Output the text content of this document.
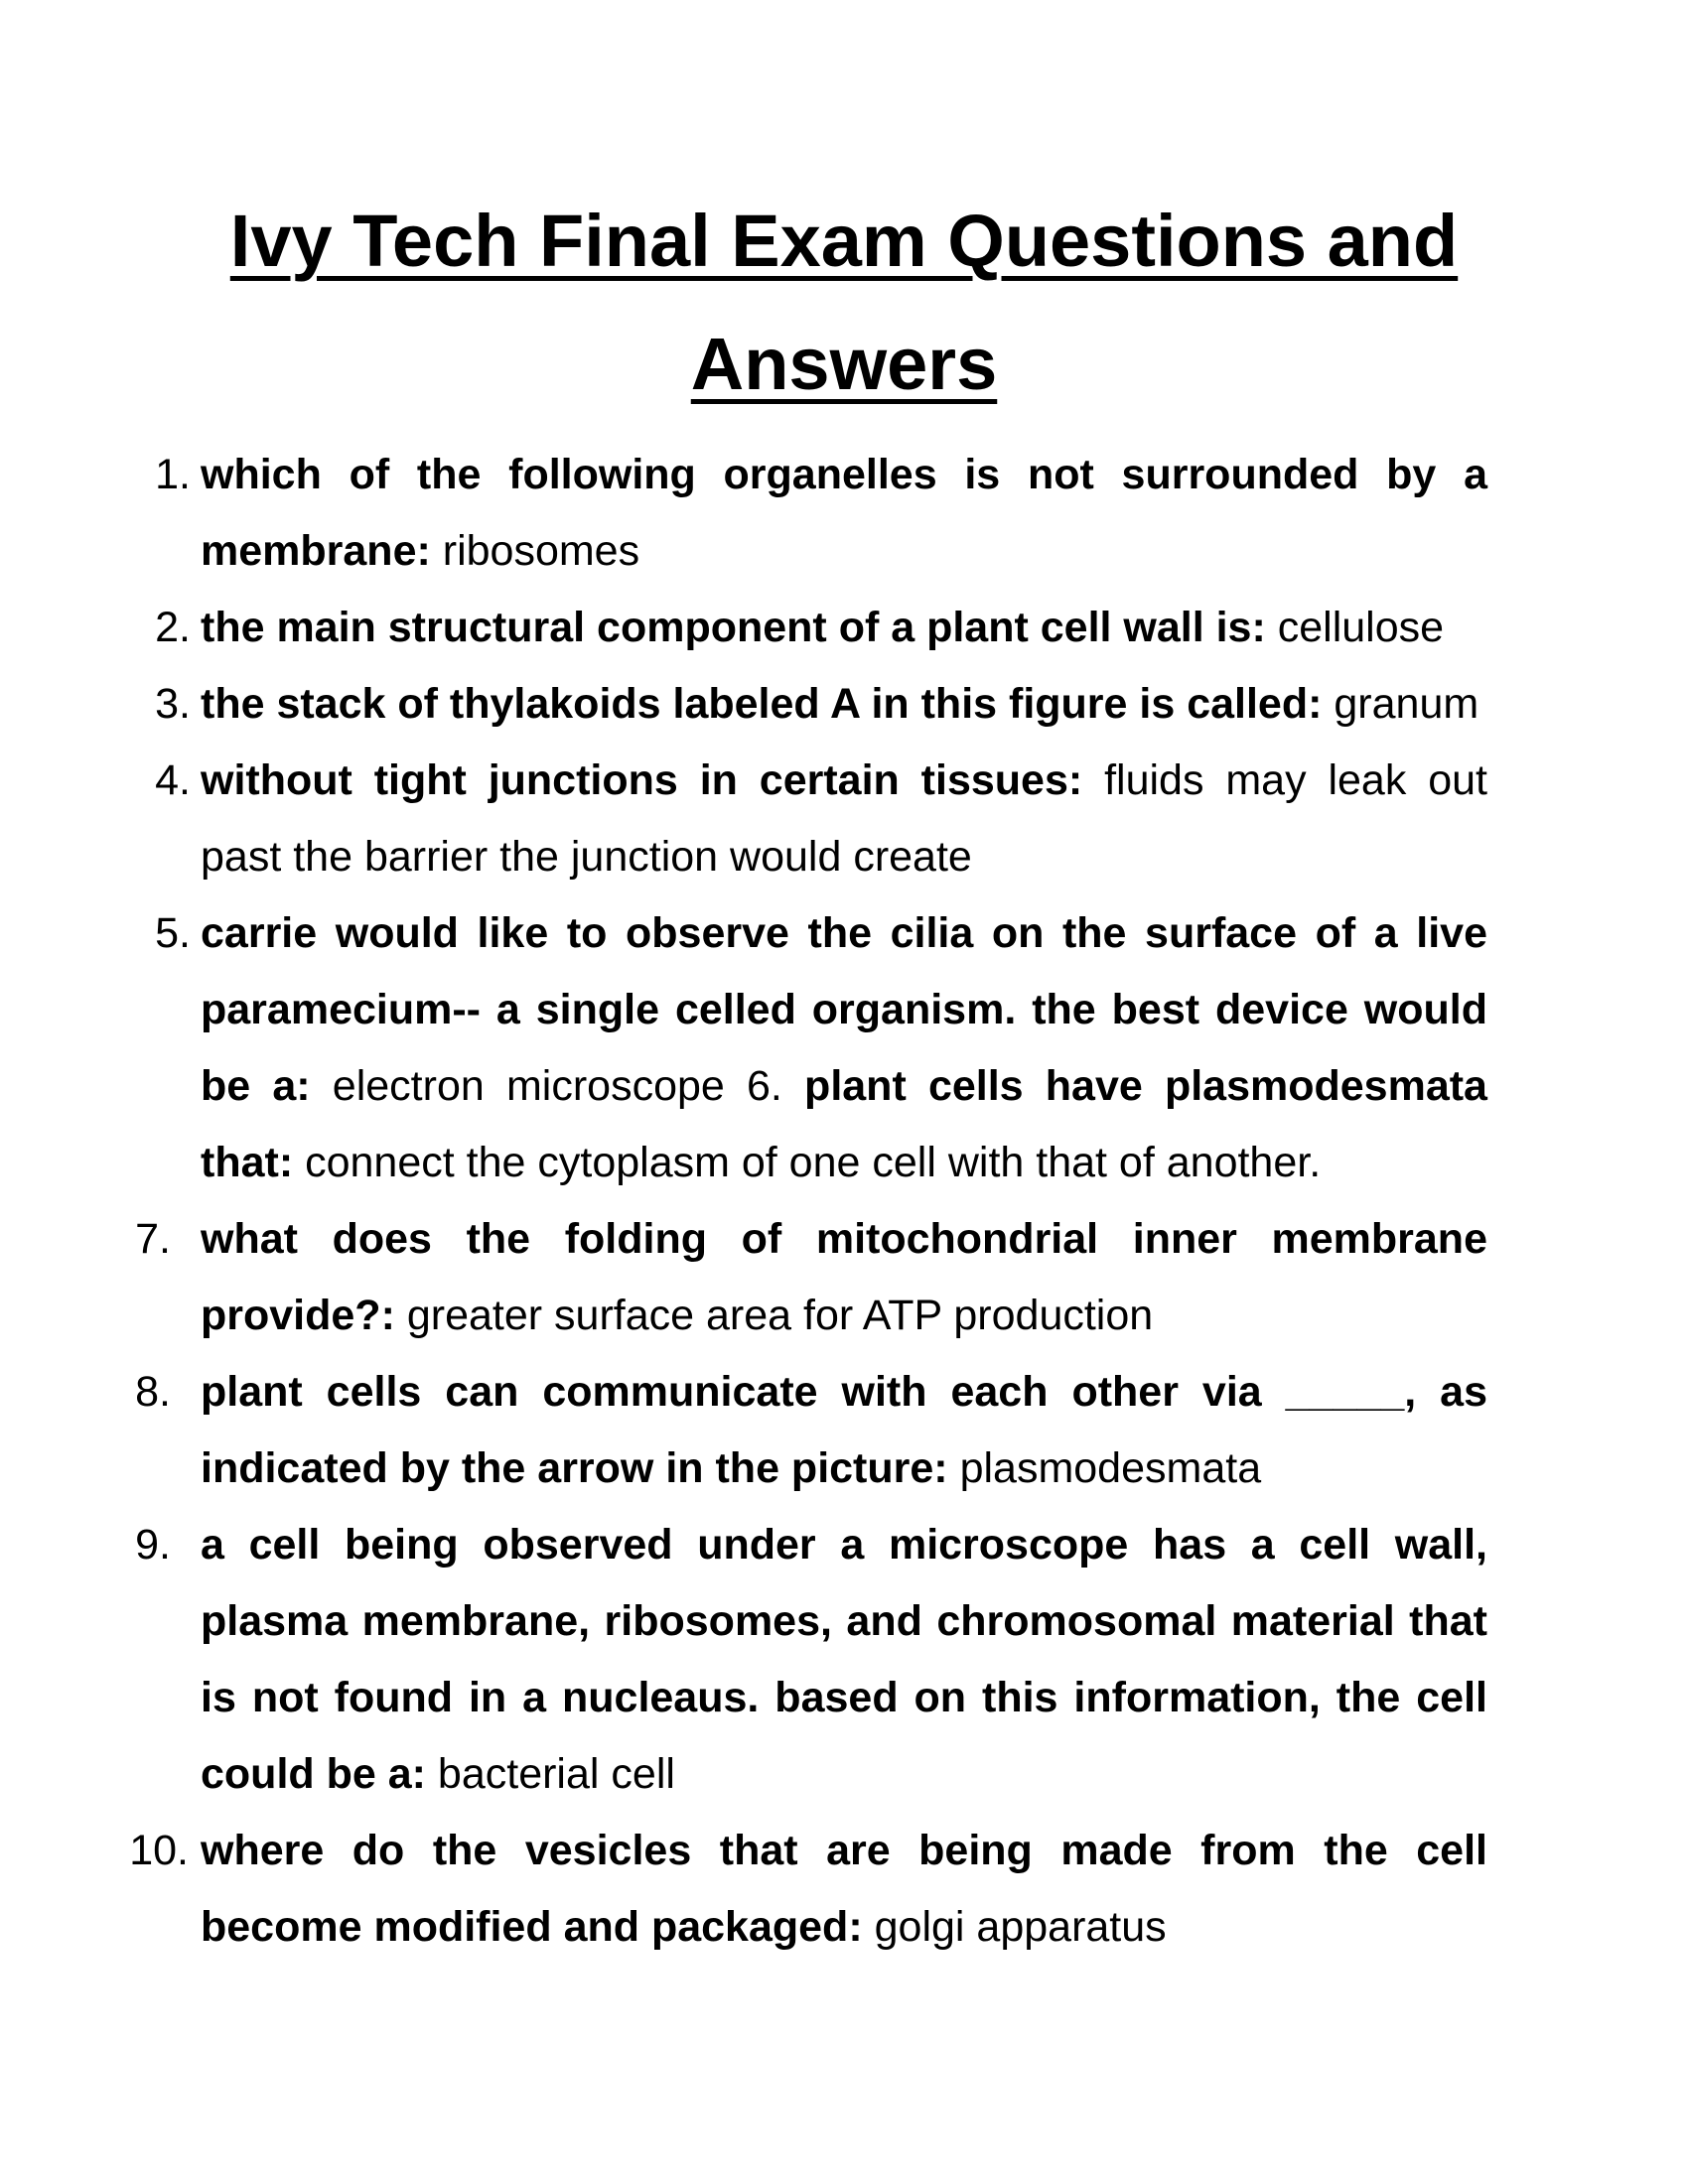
Ivy Tech Final Exam Questions and
Answers
1. which of the following organelles is not surrounded by a membrane: ribosomes
2. the main structural component of a plant cell wall is: cellulose
3. the stack of thylakoids labeled A in this figure is called: granum
4. without tight junctions in certain tissues: fluids may leak out past the barrier the junction would create
5. carrie would like to observe the cilia on the surface of a live paramecium-- a single celled organism. the best device would be a: electron microscope 6. plant cells have plasmodesmata that: connect the cytoplasm of one cell with that of another.
7. what does the folding of mitochondrial inner membrane provide?: greater surface area for ATP production
8. plant cells can communicate with each other via _____, as indicated by the arrow in the picture: plasmodesmata
9. a cell being observed under a microscope has a cell wall, plasma membrane, ribosomes, and chromosomal material that is not found in a nucleaus. based on this information, the cell could be a: bacterial cell
10. where do the vesicles that are being made from the cell become modified and packaged: golgi apparatus
